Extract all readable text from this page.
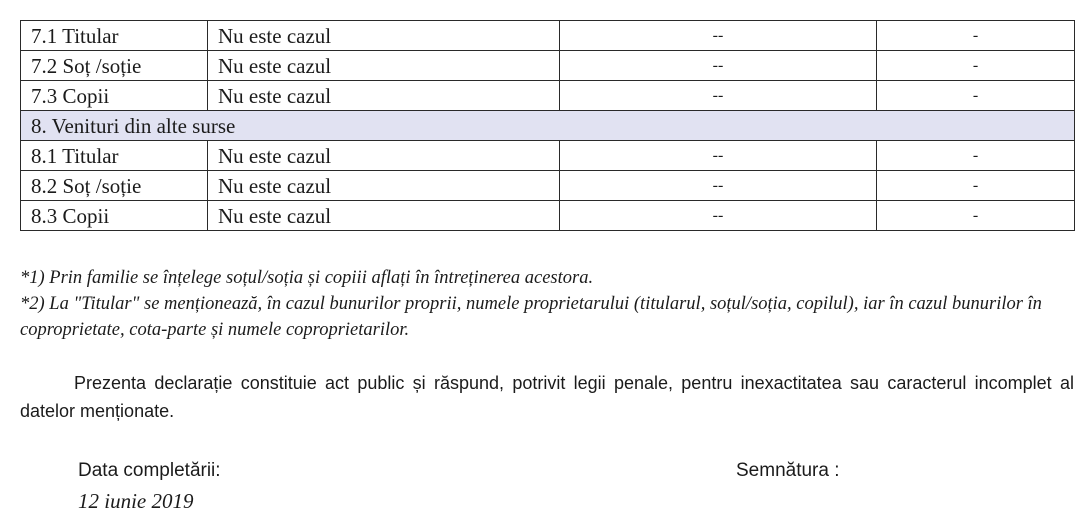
7.1 Titular	Nu este cazul	--	-
7.2 Soț /soție	Nu este cazul	--	-
7.3 Copii	Nu este cazul	--	-
8. Venituri din alte surse			
8.1 Titular	Nu este cazul	--	-
8.2 Soț /soție	Nu este cazul	--	-
8.3 Copii	Nu este cazul	--	-

*1) Prin familie se înțelege soțul/soția și copiii aflați în întreținerea acestora.

*2) La "Titular" se menționează, în cazul bunurilor proprii, numele proprietarului (titularul, soțul/soția, copilul), iar în cazul bunurilor în coproprietate, cota-parte și numele coproprietarilor.

Prezenta declarație constituie act public și răspund, potrivit legii penale, pentru inexactitatea sau caracterul incomplet al datelor menționate.
Data completării:
12 iunie 2019
Semnătura :
